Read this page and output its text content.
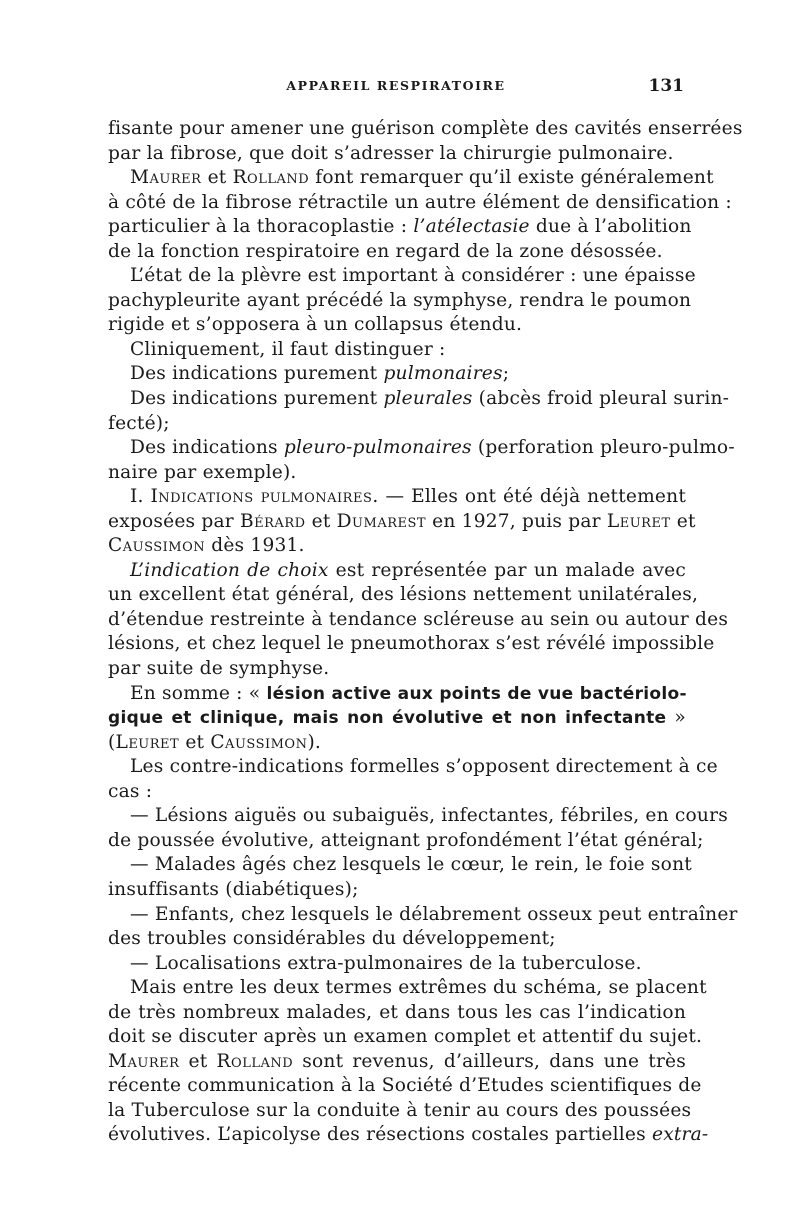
APPAREIL RESPIRATOIRE	131
fisante pour amener une guérison complète des cavités enserrées
par la fibrose, que doit s’adresser la chirurgie pulmonaire.
Maurer et Rolland font remarquer qu’il existe généralement
à côté de la fibrose rétractile un autre élément de densification :
particulier à la thoracoplastie : l’atélectasie due à l’abolition
de la fonction respiratoire en regard de la zone désossée.
L’état de la plèvre est important à considérer : une épaisse
pachypleurite ayant précédé la symphyse, rendra le poumon
rigide et s’opposera à un collapsus étendu.
Cliniquement, il faut distinguer :
Des indications purement pulmonaires;
Des indications purement pleurales (abcès froid pleural surin-
fecté);
Des indications pleuro-pulmonaires (perforation pleuro-pulmo-
naire par exemple).
I. Indications pulmonaires. — Elles ont été déjà nettement
exposées par Bérard et Dumarest en 1927, puis par Leuret et
Caussimon dès 1931.
L’indication de choix est représentée par un malade avec
un excellent état général, des lésions nettement unilatérales,
d’étendue restreinte à tendance scléreuse au sein ou autour des
lésions, et chez lequel le pneumothorax s’est révélé impossible
par suite de symphyse.
En somme : « lésion active aux points de vue bactériolo-
gique et clinique, mais non évolutive et non infectante »
(Leuret et Caussimon).
Les contre-indications formelles s’opposent directement à ce
cas :
— Lésions aiguës ou subaiguës, infectantes, fébriles, en cours
de poussée évolutive, atteignant profondément l’état général;
— Malades âgés chez lesquels le cœur, le rein, le foie sont
insuffisants (diabétiques);
— Enfants, chez lesquels le délabrement osseux peut entraîner
des troubles considérables du développement;
— Localisations extra-pulmonaires de la tuberculose.
Mais entre les deux termes extrêmes du schéma, se placent
de très nombreux malades, et dans tous les cas l’indication
doit se discuter après un examen complet et attentif du sujet.
Maurer et Rolland sont revenus, d’ailleurs, dans une très
récente communication à la Société d’Etudes scientifiques de
la Tuberculose sur la conduite à tenir au cours des poussées
évolutives. L’apicolyse des résections costales partielles extra-
